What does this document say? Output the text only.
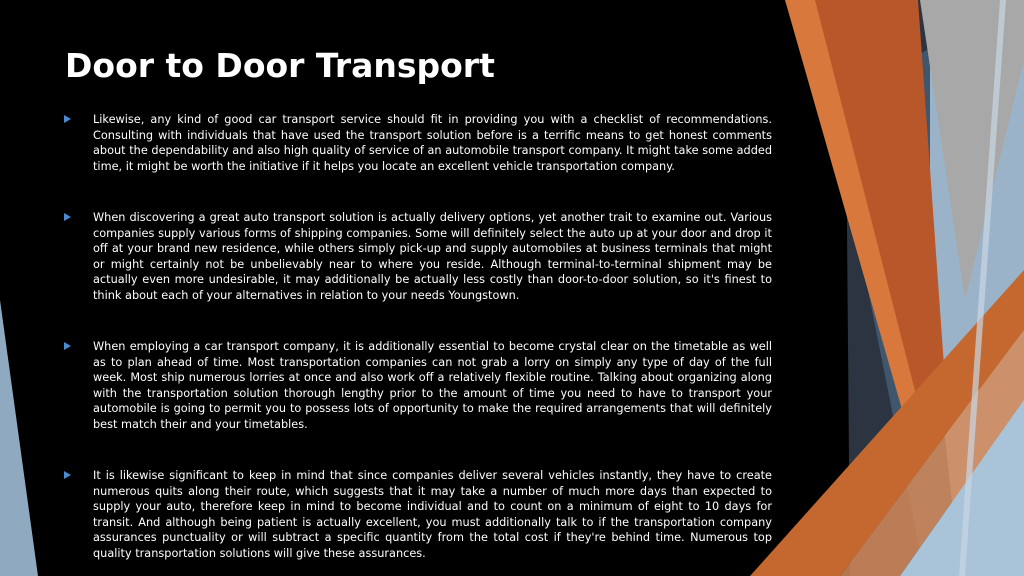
Door to Door Transport
Likewise, any kind of good car transport service should fit in providing you with a checklist of recommendations. Consulting with individuals that have used the transport solution before is a terrific means to get honest comments about the dependability and also high quality of service of an automobile transport company. It might take some added time, it might be worth the initiative if it helps you locate an excellent vehicle transportation company.
When discovering a great auto transport solution is actually delivery options, yet another trait to examine out. Various companies supply various forms of shipping companies. Some will definitely select the auto up at your door and drop it off at your brand new residence, while others simply pick-up and supply automobiles at business terminals that might or might certainly not be unbelievably near to where you reside. Although terminal-to-terminal shipment may be actually even more undesirable, it may additionally be actually less costly than door-to-door solution, so it's finest to think about each of your alternatives in relation to your needs Youngstown.
When employing a car transport company, it is additionally essential to become crystal clear on the timetable as well as to plan ahead of time. Most transportation companies can not grab a lorry on simply any type of day of the full week. Most ship numerous lorries at once and also work off a relatively flexible routine. Talking about organizing along with the transportation solution thorough lengthy prior to the amount of time you need to have to transport your automobile is going to permit you to possess lots of opportunity to make the required arrangements that will definitely best match their and your timetables.
It is likewise significant to keep in mind that since companies deliver several vehicles instantly, they have to create numerous quits along their route, which suggests that it may take a number of much more days than expected to supply your auto, therefore keep in mind to become individual and to count on a minimum of eight to 10 days for transit. And although being patient is actually excellent, you must additionally talk to if the transportation company assurances punctuality or will subtract a specific quantity from the total cost if they're behind time. Numerous top quality transportation solutions will give these assurances.
